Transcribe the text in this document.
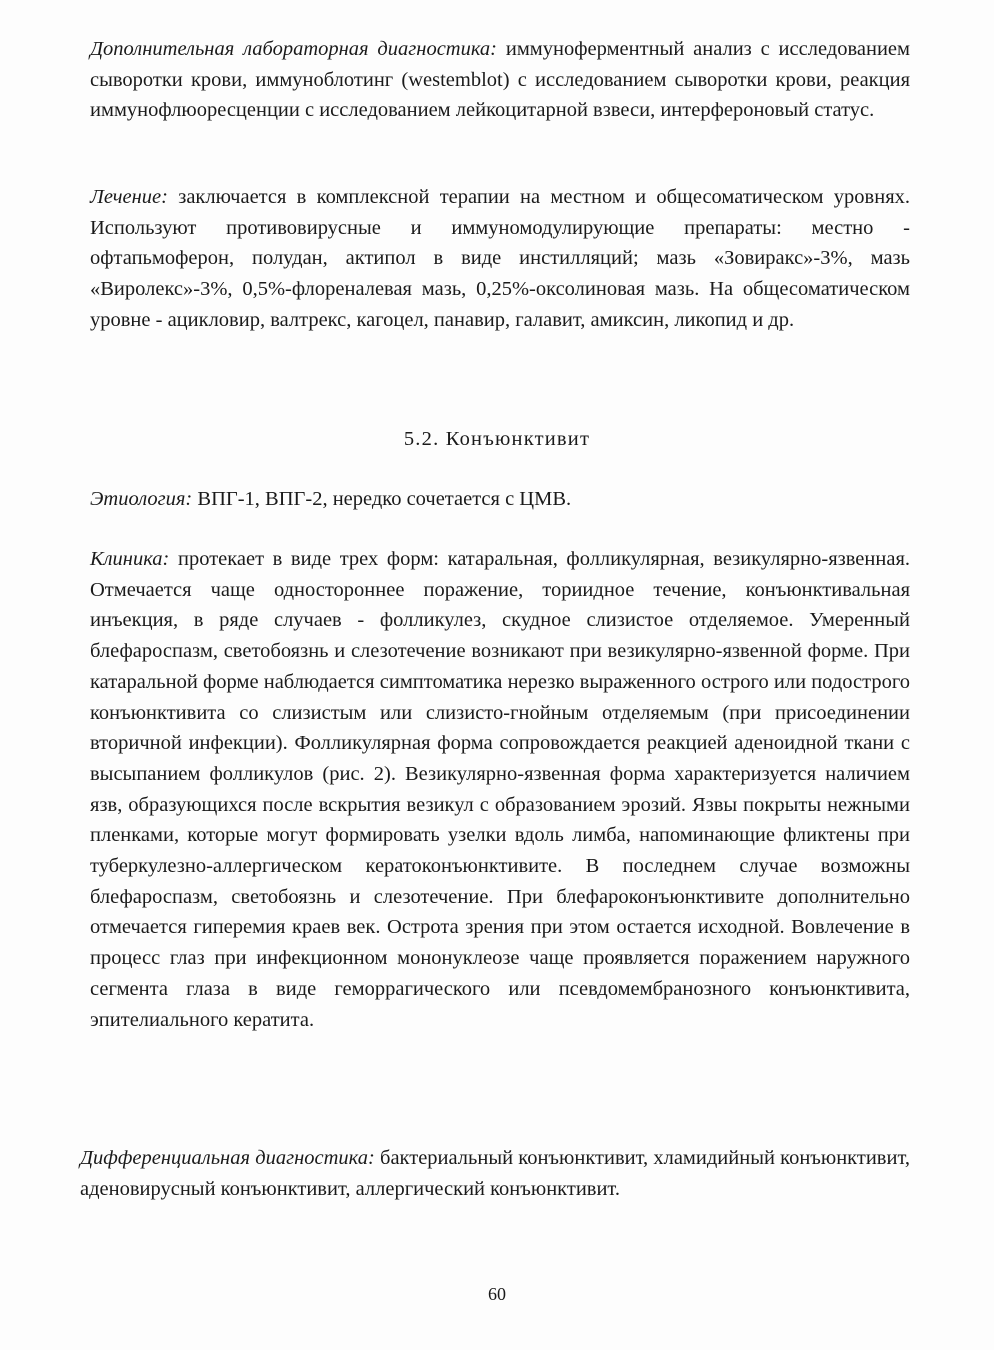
Дополнительная лабораторная диагностика: иммуноферментный анализ с исследованием сыворотки крови, иммуноблотинг (westemblot) с исследованием сыворотки крови, реакция иммунофлюоресценции с исследованием лейкоцитарной взвеси, интерфероновый статус.

Лечение: заключается в комплексной терапии на местном и общесоматическом уровнях. Используют противовирусные и иммуномодулирующие препараты: местно - офтапьмоферон, полудан, актипол в виде инстилляций; мазь «Зовиракс»-3%, мазь «Виролекс»-3%, 0,5%-флореналевая мазь, 0,25%-оксолиновая мазь. На общесоматическом уровне - ацикловир, валтрекс, кагоцел, панавир, галавит, амиксин, ликопид и др.

5.2. Конъюнктивит

Этиология: ВПГ-1, ВПГ-2, нередко сочетается с ЦМВ.

Клиника: протекает в виде трех форм: катаральная, фолликулярная, везикулярно-язвенная. Отмечается чаще одностороннее поражение, ториидное течение, конъюнктивальная инъекция, в ряде случаев - фолликулез, скудное слизистое отделяемое. Умеренный блефароспазм, светобоязнь и слезотечение возникают при везикулярно-язвенной форме. При катаральной форме наблюдается симптоматика нерезко выраженного острого или подострого конъюнктивита со слизистым или слизисто-гнойным отделяемым (при присоединении вторичной инфекции). Фолликулярная форма сопровождается реакцией аденоидной ткани с высыпанием фолликулов (рис. 2). Везикулярно-язвенная форма характеризуется наличием язв, образующихся после вскрытия везикул с образованием эрозий. Язвы покрыты нежными пленками, которые могут формировать узелки вдоль лимба, напоминающие фликтены при туберкулезно-аллергическом кератоконъюнктивите. В последнем случае возможны блефароспазм, светобоязнь и слезотечение. При блефароконъюнктивите дополнительно отмечается гиперемия краев век. Острота зрения при этом остается исходной. Вовлечение в процесс глаз при инфекционном мононуклеозе чаще проявляется поражением наружного сегмента глаза в виде геморрагического или псевдомембранозного конъюнктивита, эпителиального кератита.

Дифференциальная диагностика: бактериальный конъюнктивит, хламидийный конъюнктивит, аденовирусный конъюнктивит, аллергический конъюнктивит.

60
